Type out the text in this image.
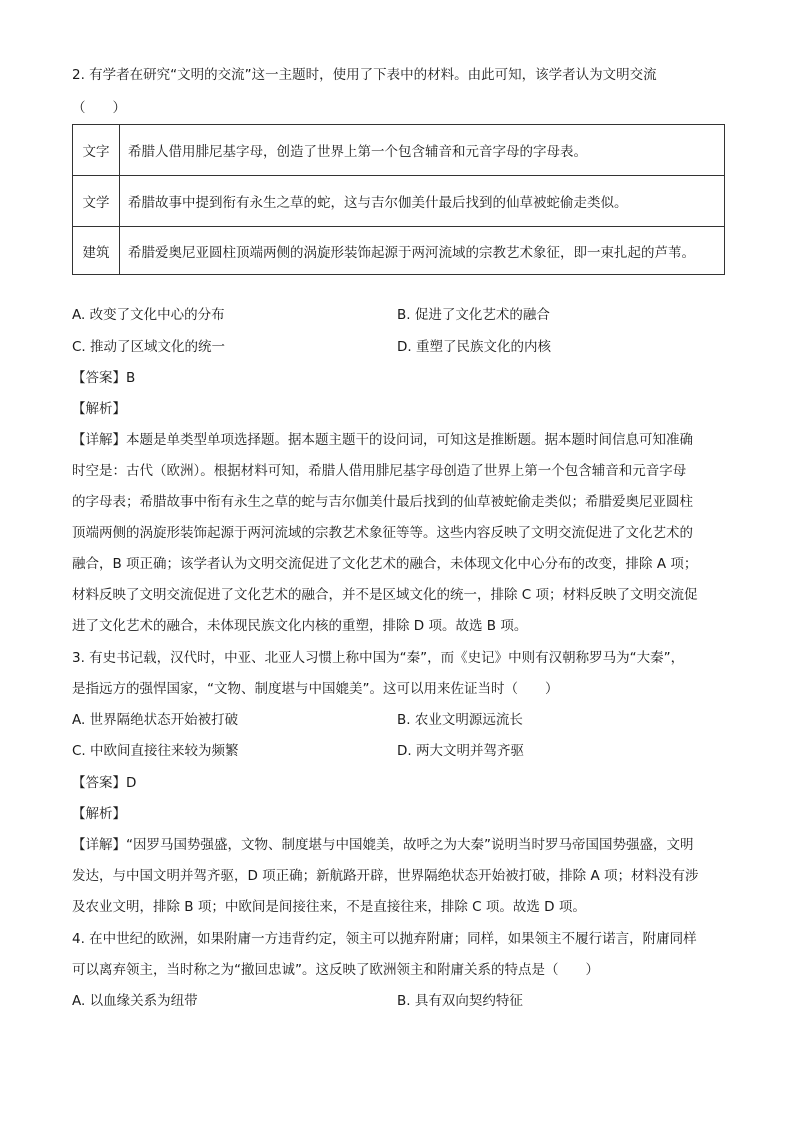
2. 有学者在研究“文明的交流”这一主题时，使用了下表中的材料。由此可知，该学者认为文明交流
（　　）
文字	希腊人借用腓尼基字母，创造了世界上第一个包含辅音和元音字母的字母表。
文学	希腊故事中提到衔有永生之草的蛇，这与吉尔伽美什最后找到的仙草被蛇偷走类似。
建筑	希腊爱奥尼亚圆柱顶端两侧的涡旋形装饰起源于两河流域的宗教艺术象征，即一束扎起的芦苇。
A. 改变了文化中心的分布	B. 促进了文化艺术的融合
C. 推动了区域文化的统一	D. 重塑了民族文化的内核
【答案】B
【解析】
【详解】本题是单类型单项选择题。据本题主题干的设问词，可知这是推断题。据本题时间信息可知准确
时空是：古代（欧洲）。根据材料可知，希腊人借用腓尼基字母创造了世界上第一个包含辅音和元音字母
的字母表；希腊故事中衔有永生之草的蛇与吉尔伽美什最后找到的仙草被蛇偷走类似；希腊爱奥尼亚圆柱
顶端两侧的涡旋形装饰起源于两河流域的宗教艺术象征等等。这些内容反映了文明交流促进了文化艺术的
融合，B 项正确；该学者认为文明交流促进了文化艺术的融合，未体现文化中心分布的改变，排除 A 项；
材料反映了文明交流促进了文化艺术的融合，并不是区域文化的统一，排除 C 项；材料反映了文明交流促
进了文化艺术的融合，未体现民族文化内核的重塑，排除 D 项。故选 B 项。
3. 有史书记载，汉代时，中亚、北亚人习惯上称中国为“秦”，而《史记》中则有汉朝称罗马为“大秦”，
是指远方的强悍国家，“文物、制度堪与中国媲美”。这可以用来佐证当时（　　）
A. 世界隔绝状态开始被打破	B. 农业文明源远流长
C. 中欧间直接往来较为频繁	D. 两大文明并驾齐驱
【答案】D
【解析】
【详解】“因罗马国势强盛，文物、制度堪与中国媲美，故呼之为大秦”说明当时罗马帝国国势强盛，文明
发达，与中国文明并驾齐驱，D 项正确；新航路开辟，世界隔绝状态开始被打破，排除 A 项；材料没有涉
及农业文明，排除 B 项；中欧间是间接往来，不是直接往来，排除 C 项。故选 D 项。
4. 在中世纪的欧洲，如果附庸一方违背约定，领主可以抛弃附庸；同样，如果领主不履行诺言，附庸同样
可以离弃领主，当时称之为“撤回忠诚”。这反映了欧洲领主和附庸关系的特点是（　　）
A. 以血缘关系为纽带	B. 具有双向契约特征
